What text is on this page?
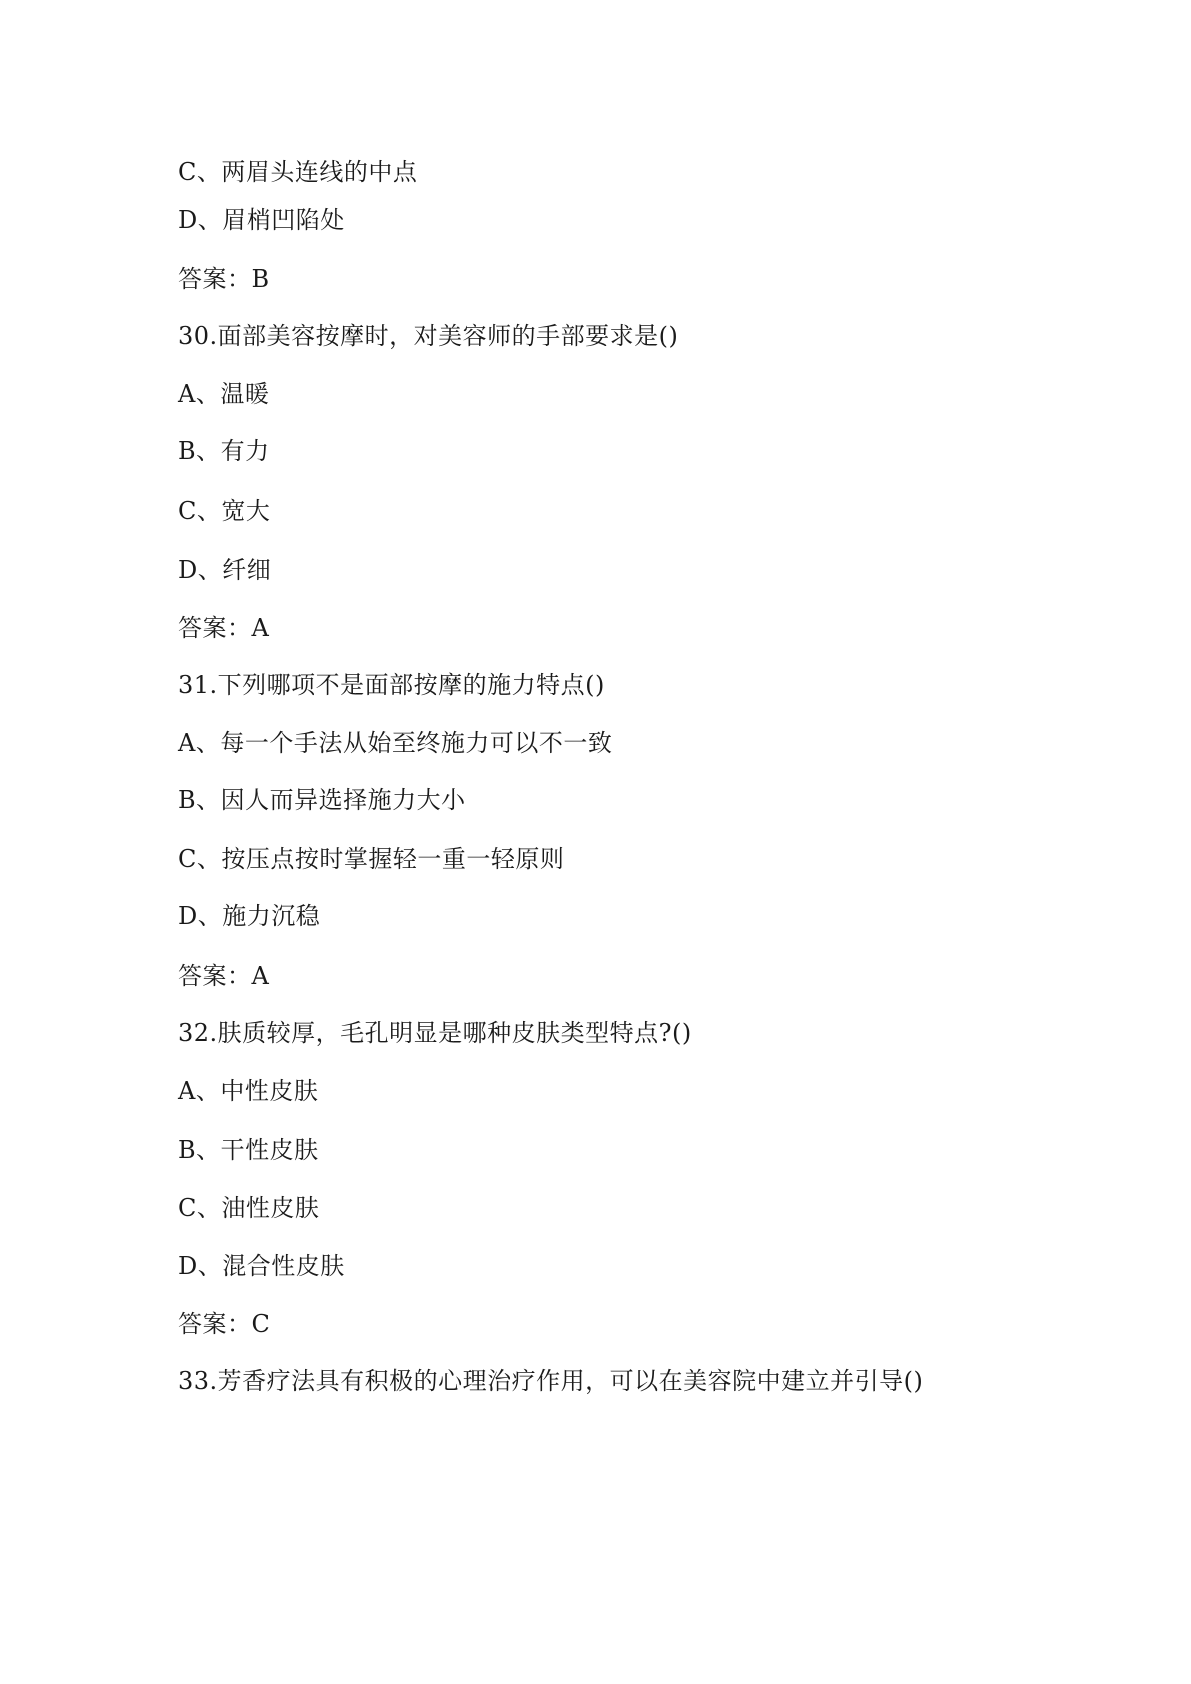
C、两眉头连线的中点
D、眉梢凹陷处
答案：B
30.面部美容按摩时，对美容师的手部要求是()
A、温暖
B、有力
C、宽大
D、纤细
答案：A
31.下列哪项不是面部按摩的施力特点()
A、每一个手法从始至终施力可以不一致
B、因人而异选择施力大小
C、按压点按时掌握轻一重一轻原则
D、施力沉稳
答案：A
32.肤质较厚，毛孔明显是哪种皮肤类型特点?()
A、中性皮肤
B、干性皮肤
C、油性皮肤
D、混合性皮肤
答案：C
33.芳香疗法具有积极的心理治疗作用，可以在美容院中建立并引导()
